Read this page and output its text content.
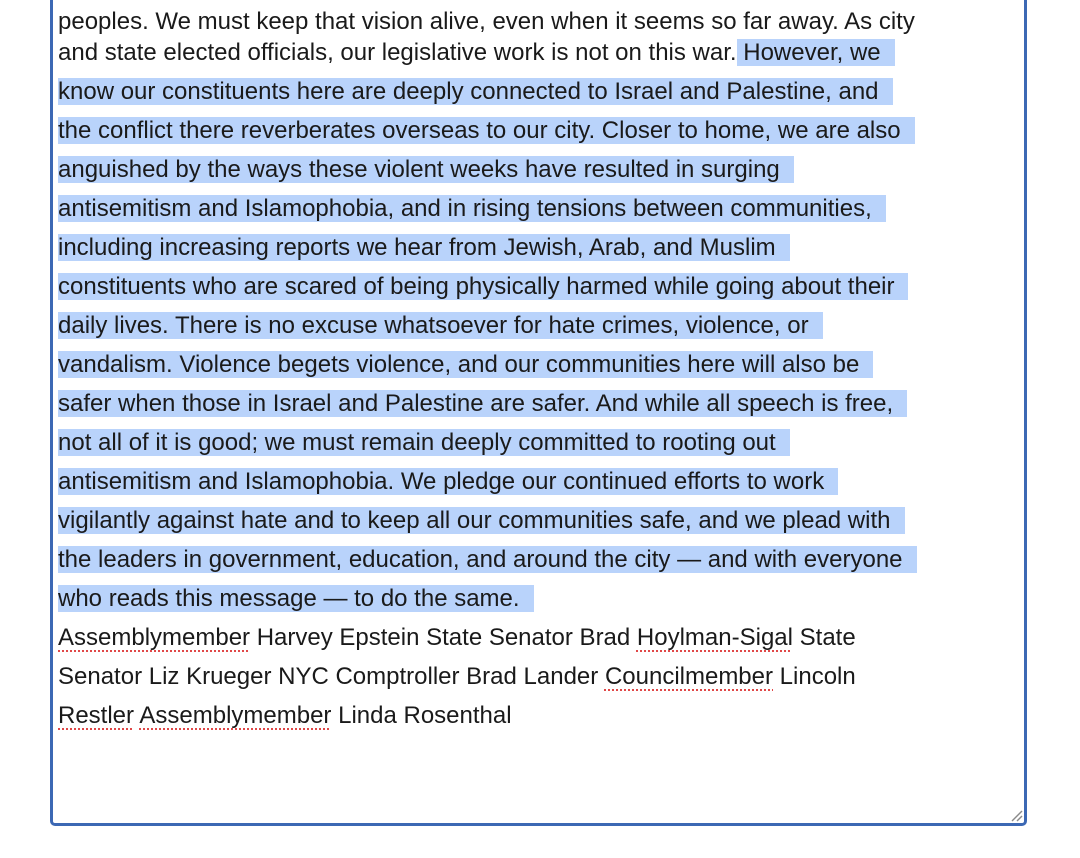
peoples. We must keep that vision alive, even when it seems so far away. As city
and state elected officials, our legislative work is not on this war. However, we
know our constituents here are deeply connected to Israel and Palestine, and
the conflict there reverberates overseas to our city. Closer to home, we are also
anguished by the ways these violent weeks have resulted in surging
antisemitism and Islamophobia, and in rising tensions between communities,
including increasing reports we hear from Jewish, Arab, and Muslim
constituents who are scared of being physically harmed while going about their
daily lives. There is no excuse whatsoever for hate crimes, violence, or
vandalism. Violence begets violence, and our communities here will also be
safer when those in Israel and Palestine are safer. And while all speech is free,
not all of it is good; we must remain deeply committed to rooting out
antisemitism and Islamophobia. We pledge our continued efforts to work
vigilantly against hate and to keep all our communities safe, and we plead with
the leaders in government, education, and around the city — and with everyone
who reads this message — to do the same.
Assemblymember Harvey Epstein State Senator Brad Hoylman-Sigal State
Senator Liz Krueger NYC Comptroller Brad Lander Councilmember Lincoln
Restler Assemblymember Linda Rosenthal
